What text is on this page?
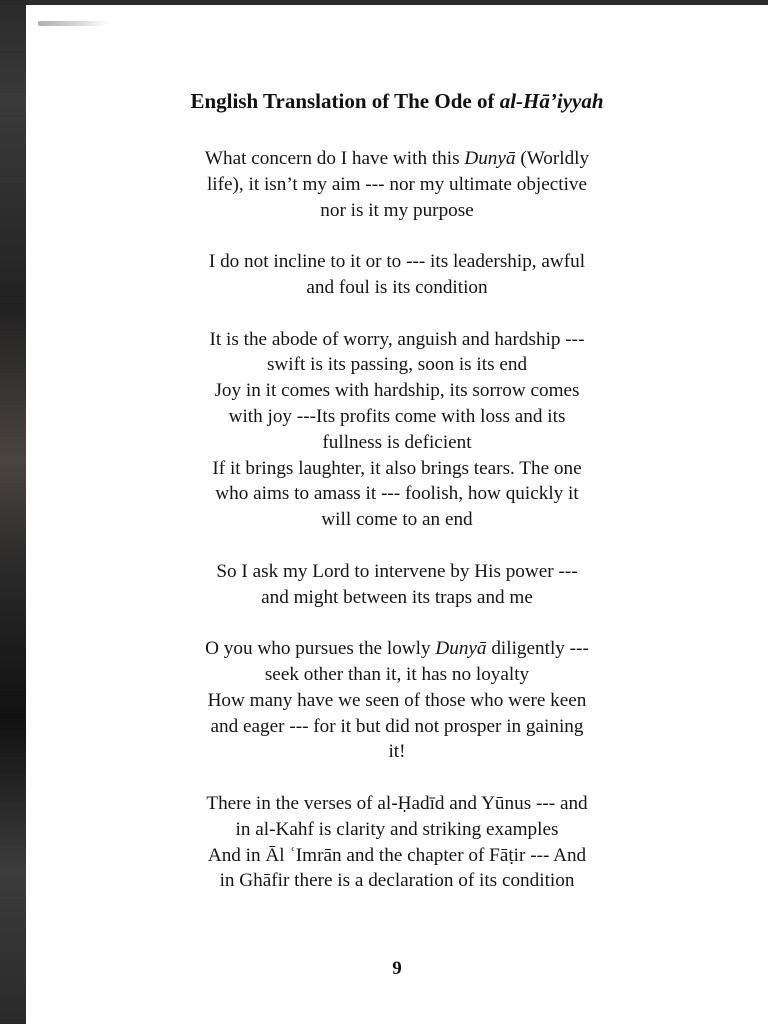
English Translation of The Ode of al-Hā’iyyah
What concern do I have with this Dunyā (Worldly
life), it isn’t my aim --- nor my ultimate objective
nor is it my purpose
I do not incline to it or to --- its leadership, awful
and foul is its condition
It is the abode of worry, anguish and hardship ---
swift is its passing, soon is its end
Joy in it comes with hardship, its sorrow comes
with joy ---Its profits come with loss and its
fullness is deficient
If it brings laughter, it also brings tears. The one
who aims to amass it --- foolish, how quickly it
will come to an end
So I ask my Lord to intervene by His power ---
and might between its traps and me
O you who pursues the lowly Dunyā diligently ---
seek other than it, it has no loyalty
How many have we seen of those who were keen
and eager --- for it but did not prosper in gaining
it!
There in the verses of al-Ḥadīd and Yūnus --- and
in al-Kahf is clarity and striking examples
And in Āl ʿImrān and the chapter of Fāṭir --- And
in Ghāfir there is a declaration of its condition
9
